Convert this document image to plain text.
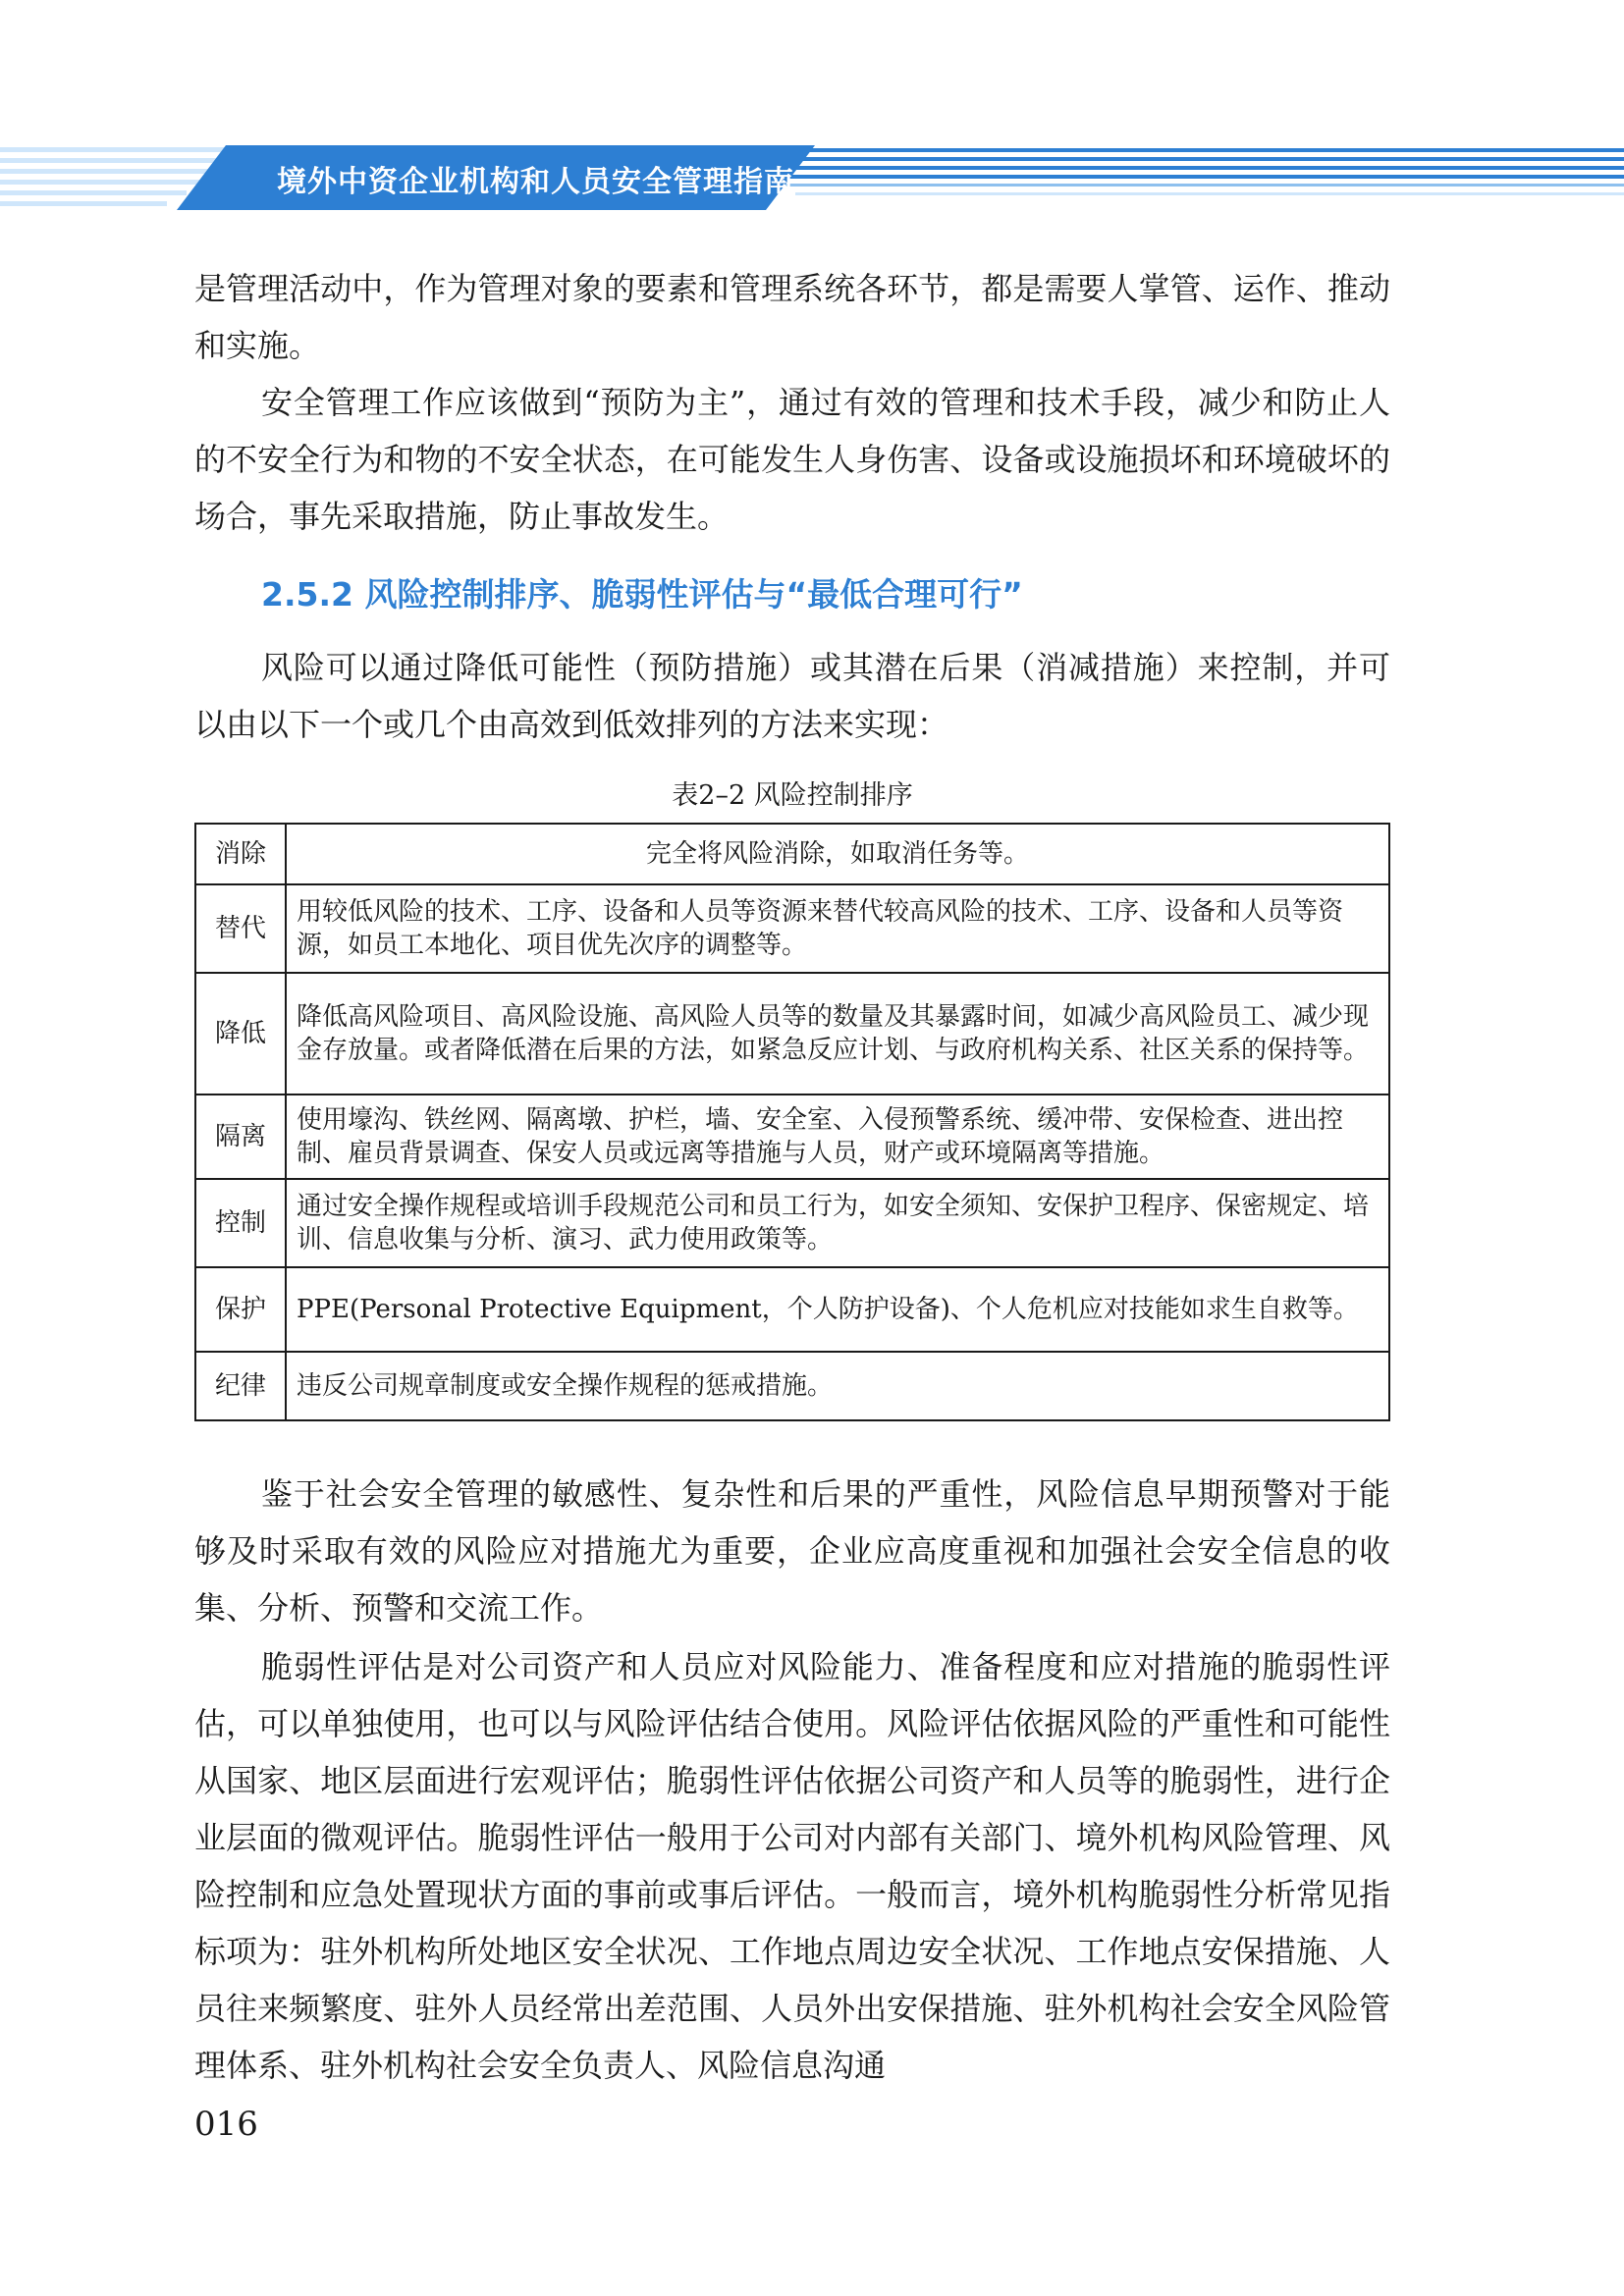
境外中资企业机构和人员安全管理指南

是管理活动中，作为管理对象的要素和管理系统各环节，都是需要人掌管、运作、推动和实施。

安全管理工作应该做到“预防为主”，通过有效的管理和技术手段，减少和防止人的不安全行为和物的不安全状态，在可能发生人身伤害、设备或设施损坏和环境破坏的场合，事先采取措施，防止事故发生。

2.5.2 风险控制排序、脆弱性评估与“最低合理可行”

风险可以通过降低可能性（预防措施）或其潜在后果（消减措施）来控制，并可以由以下一个或几个由高效到低效排列的方法来实现：

表2–2 风险控制排序

消除	完全将风险消除，如取消任务等。
替代	用较低风险的技术、工序、设备和人员等资源来替代较高风险的技术、工序、设备和人员等资源，如员工本地化、项目优先次序的调整等。
降低	降低高风险项目、高风险设施、高风险人员等的数量及其暴露时间，如减少高风险员工、减少现金存放量。或者降低潜在后果的方法，如紧急反应计划、与政府机构关系、社区关系的保持等。
隔离	使用壕沟、铁丝网、隔离墩、护栏，墙、安全室、入侵预警系统、缓冲带、安保检查、进出控制、雇员背景调查、保安人员或远离等措施与人员，财产或环境隔离等措施。
控制	通过安全操作规程或培训手段规范公司和员工行为，如安全须知、安保护卫程序、保密规定、培训、信息收集与分析、演习、武力使用政策等。
保护	PPE(Personal Protective Equipment，个人防护设备)、个人危机应对技能如求生自救等。
纪律	违反公司规章制度或安全操作规程的惩戒措施。

鉴于社会安全管理的敏感性、复杂性和后果的严重性，风险信息早期预警对于能够及时采取有效的风险应对措施尤为重要，企业应高度重视和加强社会安全信息的收集、分析、预警和交流工作。

脆弱性评估是对公司资产和人员应对风险能力、准备程度和应对措施的脆弱性评估，可以单独使用，也可以与风险评估结合使用。风险评估依据风险的严重性和可能性从国家、地区层面进行宏观评估；脆弱性评估依据公司资产和人员等的脆弱性，进行企业层面的微观评估。脆弱性评估一般用于公司对内部有关部门、境外机构风险管理、风险控制和应急处置现状方面的事前或事后评估。一般而言，境外机构脆弱性分析常见指标项为：驻外机构所处地区安全状况、工作地点周边安全状况、工作地点安保措施、人员往来频繁度、驻外人员经常出差范围、人员外出安保措施、驻外机构社会安全风险管理体系、驻外机构社会安全负责人、风险信息沟通

016
